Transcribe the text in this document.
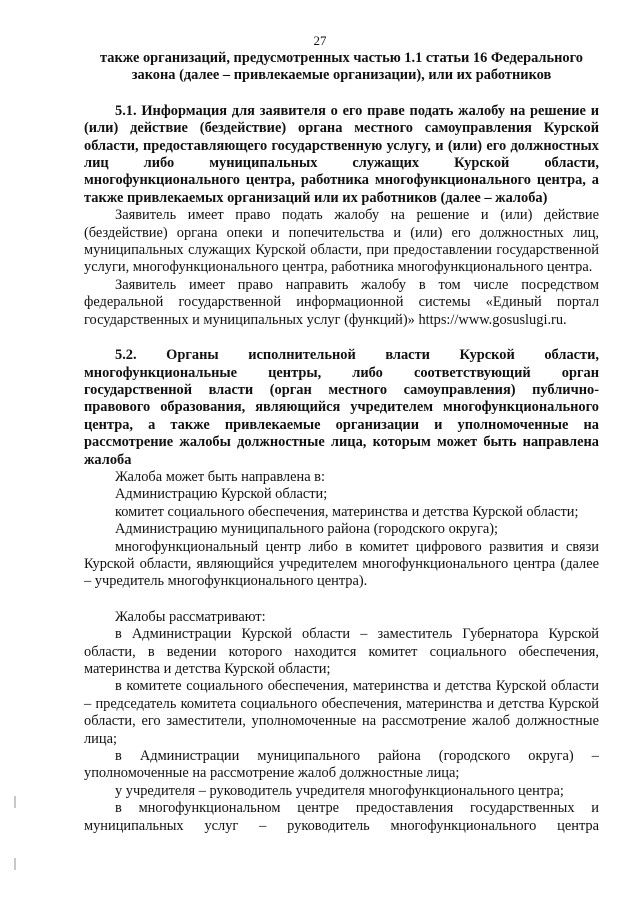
27

также организаций, предусмотренных частью 1.1 статьи 16 Федерального закона (далее – привлекаемые организации), или их работников

5.1. Информация для заявителя о его праве подать жалобу на решение и (или) действие (бездействие) органа местного самоуправления Курской области, предоставляющего государственную услугу, и (или) его должностных лиц либо муниципальных служащих Курской области, многофункционального центра, работника многофункционального центра, а также привлекаемых организаций или их работников (далее – жалоба)

Заявитель имеет право подать жалобу на решение и (или) действие (бездействие) органа опеки и попечительства и (или) его должностных лиц, муниципальных служащих Курской области, при предоставлении государственной услуги, многофункционального центра, работника многофункционального центра.

Заявитель имеет право направить жалобу в том числе посредством федеральной государственной информационной системы «Единый портал государственных и муниципальных услуг (функций)» https://www.gosuslugi.ru.

5.2. Органы исполнительной власти Курской области, многофункциональные центры, либо соответствующий орган государственной власти (орган местного самоуправления) публично-правового образования, являющийся учредителем многофункционального центра, а также привлекаемые организации и уполномоченные на рассмотрение жалобы должностные лица, которым может быть направлена жалоба

Жалоба может быть направлена в:

Администрацию Курской области;

комитет социального обеспечения, материнства и детства Курской области;

Администрацию муниципального района (городского округа);

многофункциональный центр либо в комитет цифрового развития и связи Курской области, являющийся учредителем многофункционального центра (далее – учредитель многофункционального центра).

Жалобы рассматривают:

в Администрации Курской области – заместитель Губернатора Курской области, в ведении которого находится комитет социального обеспечения, материнства и детства Курской области;

в комитете социального обеспечения, материнства и детства Курской области – председатель комитета социального обеспечения, материнства и детства Курской области, его заместители, уполномоченные на рассмотрение жалоб должностные лица;

в Администрации муниципального района (городского округа) – уполномоченные на рассмотрение жалоб должностные лица;

у учредителя – руководитель учредителя многофункционального центра;

в многофункциональном центре предоставления государственных и муниципальных услуг – руководитель многофункционального центра
